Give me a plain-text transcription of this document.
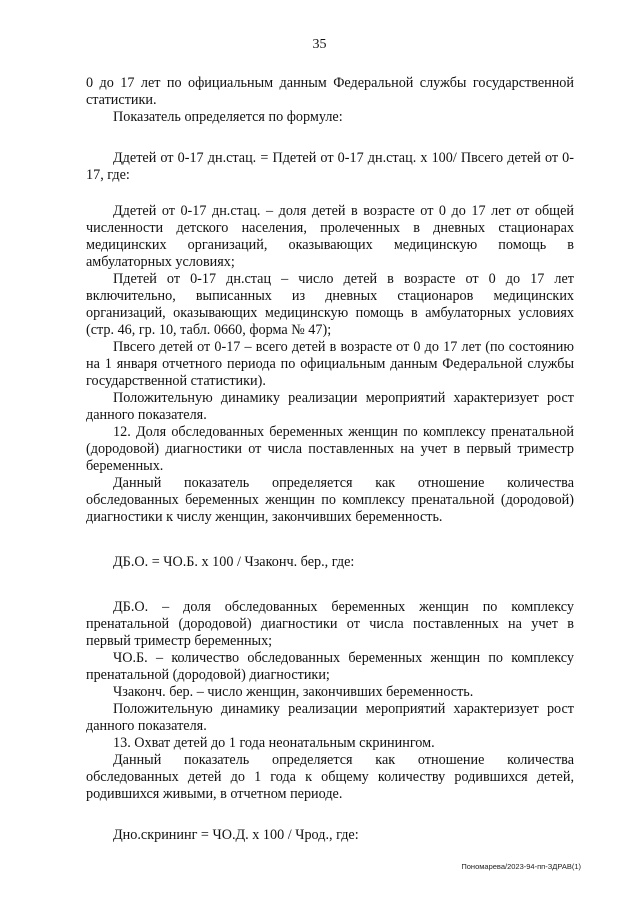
35

0 до 17 лет по официальным данным Федеральной службы государственной статистики.

Показатель определяется по формуле:

Ддетей от 0-17 дн.стац. = Пдетей от 0-17 дн.стац. х 100/ Пвсего детей от 0-17, где:

Ддетей от 0-17 дн.стац. – доля детей в возрасте от 0 до 17 лет от общей численности детского населения, пролеченных в дневных стационарах медицинских организаций, оказывающих медицинскую помощь в амбулаторных условиях;

Пдетей от 0-17 дн.стац – число детей в возрасте от 0 до 17 лет включительно, выписанных из дневных стационаров медицинских организаций, оказывающих медицинскую помощь в амбулаторных условиях (стр. 46, гр. 10, табл. 0660, форма № 47);

Пвсего детей от 0-17 – всего детей в возрасте от 0 до 17 лет (по состоянию на 1 января отчетного периода по официальным данным Федеральной службы государственной статистики).

Положительную динамику реализации мероприятий характеризует рост данного показателя.

12. Доля обследованных беременных женщин по комплексу пренатальной (дородовой) диагностики от числа поставленных на учет в первый триместр беременных.

Данный показатель определяется как отношение количества обследованных беременных женщин по комплексу пренатальной (дородовой) диагностики к числу женщин, закончивших беременность.

ДБ.О. = ЧО.Б. х 100 / Чзаконч. бер., где:

ДБ.О. – доля обследованных беременных женщин по комплексу пренатальной (дородовой) диагностики от числа поставленных на учет в первый триместр беременных;

ЧО.Б. – количество обследованных беременных женщин по комплексу пренатальной (дородовой) диагностики;

Чзаконч. бер. – число женщин, закончивших беременность.

Положительную динамику реализации мероприятий характеризует рост данного показателя.

13. Охват детей до 1 года неонатальным скринингом.

Данный показатель определяется как отношение количества обследованных детей до 1 года к общему количеству родившихся детей, родившихся живыми, в отчетном периоде.

Дно.скрининг = ЧО.Д. х 100 / Чрод., где:

Пономарева/2023-94-пп-ЗДРАВ(1)
